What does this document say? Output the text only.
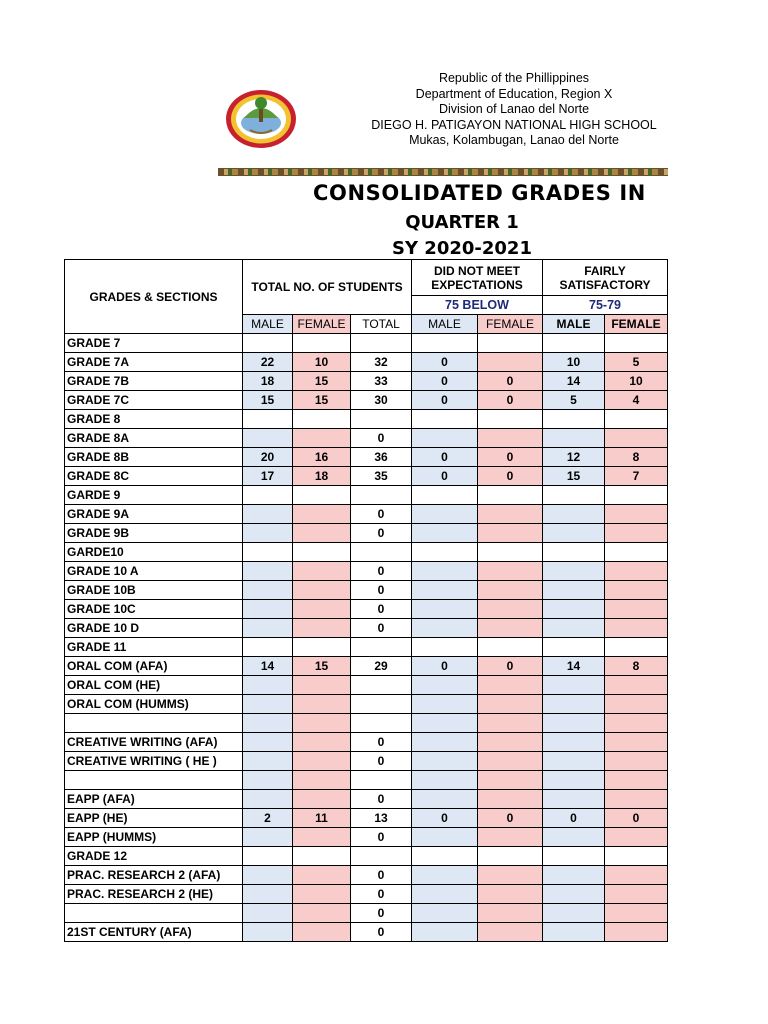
Republic of the Phillippines
Department of Education, Region X
Division of Lanao del Norte
DIEGO H. PATIGAYON NATIONAL HIGH SCHOOL
Mukas, Kolambugan, Lanao del Norte
CONSOLIDATED GRADES IN
QUARTER 1
SY 2020-2021
GRADES & SECTIONS	TOTAL NO. OF STUDENTS			DID NOT MEET EXPECTATIONS		FAIRLY SATISFACTORY	
				75 BELOW		75-79	
	MALE	FEMALE	TOTAL	MALE	FEMALE	MALE	FEMALE
GRADE 7							
GRADE 7A	22	10	32	0		10	5
GRADE 7B	18	15	33	0	0	14	10
GRADE 7C	15	15	30	0	0	5	4
GRADE 8							
GRADE 8A			0				
GRADE 8B	20	16	36	0	0	12	8
GRADE 8C	17	18	35	0	0	15	7
GARDE 9							
GRADE 9A			0				
GRADE 9B			0				
GARDE10							
GRADE 10 A			0				
GRADE 10B			0				
GRADE 10C			0				
GRADE 10 D			0				
GRADE 11							
ORAL COM (AFA)	14	15	29	0	0	14	8
ORAL COM (HE)							
ORAL COM (HUMMS)							

CREATIVE WRITING (AFA)			0				
CREATIVE WRITING ( HE )			0				

EAPP (AFA)			0				
EAPP (HE)	2	11	13	0	0	0	0
EAPP (HUMMS)			0				
GRADE 12							
PRAC. RESEARCH 2 (AFA)			0				
PRAC. RESEARCH 2 (HE)			0				
			0				
21ST CENTURY (AFA)			0				
